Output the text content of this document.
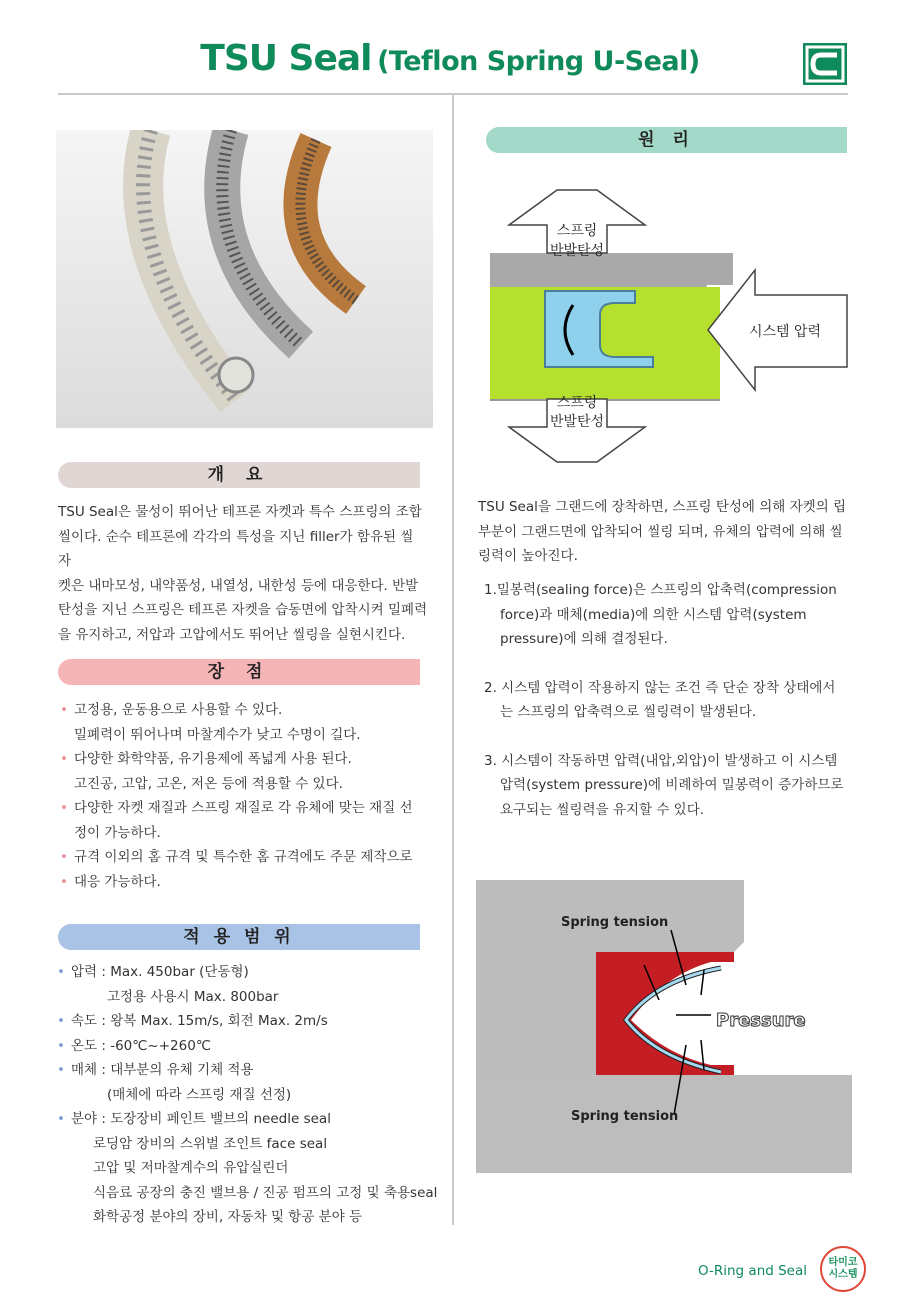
TSU Seal (Teflon Spring U-Seal)
개 요

TSU Seal은 물성이 뛰어난 테프론 자켓과 특수 스프링의 조합

씰이다. 순수 테프론에 각각의 특성을 지닌 filler가 함유된 씰 자

켓은 내마모성, 내약품성, 내열성, 내한성 등에 대응한다. 반발

탄성을 지닌 스프링은 테프론 자켓을 습동면에 압착시켜 밀폐력

을 유지하고, 저압과 고압에서도 뛰어난 씰링을 실현시킨다.

장 점
• 고정용, 운동용으로 사용할 수 있다.
밀폐력이 뛰어나며 마찰계수가 낮고 수명이 길다.
• 다양한 화학약품, 유기용제에 폭넓게 사용 된다.
고진공, 고압, 고온, 저온 등에 적용할 수 있다.
• 다양한 자켓 재질과 스프링 재질로 각 유체에 맞는 재질 선
정이 가능하다.
• 규격 이외의 홈 규격 및 특수한 홈 규격에도 주문 제작으로
• 대응 가능하다.
적 용 범 위
• 압력 : Max. 450bar (단동형)
고정용 사용시 Max. 800bar
• 속도 : 왕복 Max. 15m/s, 회전 Max. 2m/s
• 온도 : -60℃~+260℃
• 매체 : 대부분의 유체 기체 적용
(매체에 따라 스프링 재질 선정)
• 분야 : 도장장비 페인트 밸브의 needle seal
로딩암 장비의 스위벌 조인트 face seal
고압 및 저마찰계수의 유압실린더
식음료 공장의 충진 밸브용 / 진공 펌프의 고정 및 축용seal
화학공정 분야의 장비, 자동차 및 항공 분야 등
원 리
스프링
반발탄성
시스템 압력
스프링
반발탄성

TSU Seal을 그랜드에 장착하면, 스프링 탄성에 의해 자켓의 립

부분이 그랜드면에 압착되어 씰링 되며, 유체의 압력에 의해 씰

링력이 높아진다.

1.밀봉력(sealing force)은 스프링의 압축력(compression
force)과 매체(media)에 의한 시스템 압력(system
pressure)에 의해 결정된다.
2. 시스템 압력이 작용하지 않는 조건 즉 단순 장착 상태에서
는 스프링의 압축력으로 씰링력이 발생된다.
3. 시스템이 작동하면 압력(내압,외압)이 발생하고 이 시스템
압력(system pressure)에 비례하여 밀봉력이 증가하므로
요구되는 씰링력을 유지할 수 있다.
Spring tension
Pressure
Spring tension
O-Ring and Seal
타미코
시스템
